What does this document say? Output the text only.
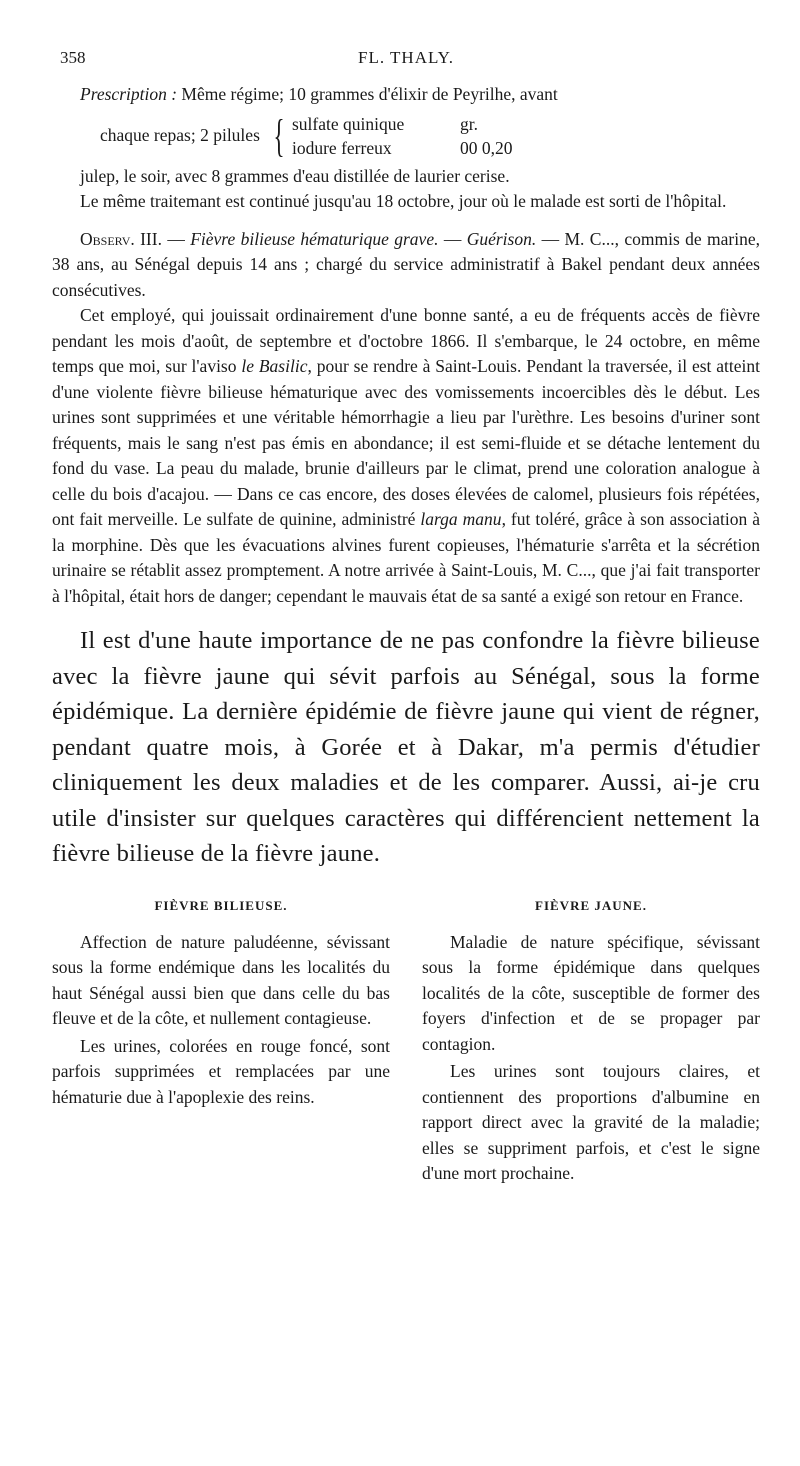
358	FL. THALY.

Prescription : Même régime; 10 grammes d'élixir de Peyrilhe, avant

chaque repas; 2 pilules { sulfate quinique	gr.
iodure ferreux	00 0,20

julep, le soir, avec 8 grammes d'eau distillée de laurier cerise.

Le même traitemant est continué jusqu'au 18 octobre, jour où le malade est sorti de l'hôpital.

Observ. III. — Fièvre bilieuse hématurique grave. — Guérison. — M. C..., commis de marine, 38 ans, au Sénégal depuis 14 ans ; chargé du service administratif à Bakel pendant deux années consécutives.

Cet employé, qui jouissait ordinairement d'une bonne santé, a eu de fréquents accès de fièvre pendant les mois d'août, de septembre et d'octobre 1866. Il s'embarque, le 24 octobre, en même temps que moi, sur l'aviso le Basilic, pour se rendre à Saint-Louis. Pendant la traversée, il est atteint d'une violente fièvre bilieuse hématurique avec des vomissements incoercibles dès le début. Les urines sont supprimées et une véritable hémorrhagie a lieu par l'urèthre. Les besoins d'uriner sont fréquents, mais le sang n'est pas émis en abondance; il est semi-fluide et se détache lentement du fond du vase. La peau du malade, brunie d'ailleurs par le climat, prend une coloration analogue à celle du bois d'acajou. — Dans ce cas encore, des doses élevées de calomel, plusieurs fois répétées, ont fait merveille. Le sulfate de quinine, administré larga manu, fut toléré, grâce à son association à la morphine. Dès que les évacuations alvines furent copieuses, l'hématurie s'arrêta et la sécrétion urinaire se rétablit assez promptement. A notre arrivée à Saint-Louis, M. C..., que j'ai fait transporter à l'hôpital, était hors de danger; cependant le mauvais état de sa santé a exigé son retour en France.

Il est d'une haute importance de ne pas confondre la fièvre bilieuse avec la fièvre jaune qui sévit parfois au Sénégal, sous la forme épidémique. La dernière épidémie de fièvre jaune qui vient de régner, pendant quatre mois, à Gorée et à Dakar, m'a permis d'étudier cliniquement les deux maladies et de les comparer. Aussi, ai-je cru utile d'insister sur quelques caractères qui différencient nettement la fièvre bilieuse de la fièvre jaune.

FIÈVRE BILIEUSE.

Affection de nature paludéenne, sévissant sous la forme endémique dans les localités du haut Sénégal aussi bien que dans celle du bas fleuve et de la côte, et nullement contagieuse.

Les urines, colorées en rouge foncé, sont parfois supprimées et remplacées par une hématurie due à l'apoplexie des reins.

FIÈVRE JAUNE.

Maladie de nature spécifique, sévissant sous la forme épidémique dans quelques localités de la côte, susceptible de former des foyers d'infection et de se propager par contagion.

Les urines sont toujours claires, et contiennent des proportions d'albumine en rapport direct avec la gravité de la maladie; elles se suppriment parfois, et c'est le signe d'une mort prochaine.
